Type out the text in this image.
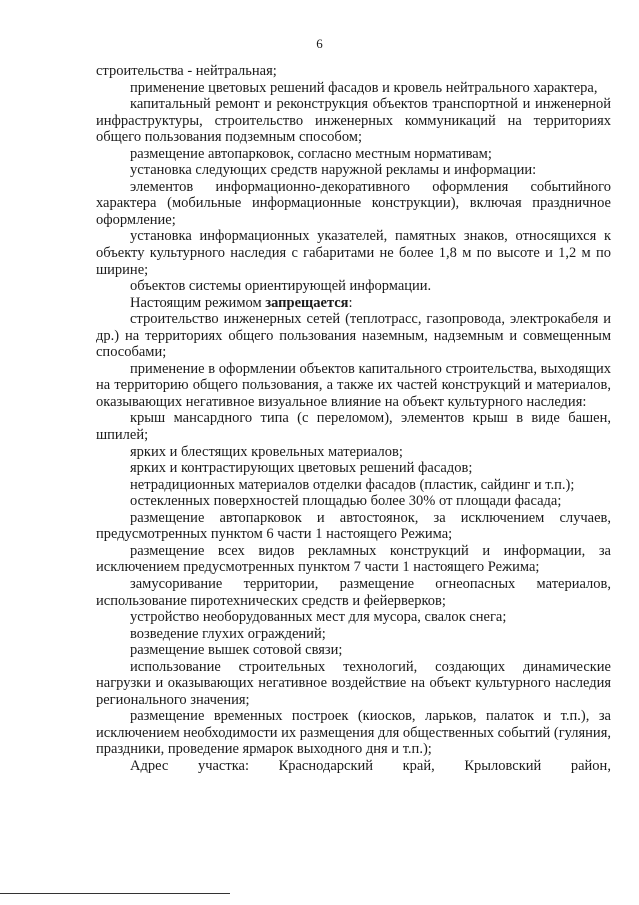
6

строительства - нейтральная;

применение цветовых решений фасадов и кровель нейтрального характера,

капитальный ремонт и реконструкция объектов транспортной и инженерной инфраструктуры, строительство инженерных коммуникаций на территориях общего пользования подземным способом;

размещение автопарковок, согласно местным нормативам;

установка следующих средств наружной рекламы и информации:

элементов информационно-декоративного оформления событийного характера (мобильные информационные конструкции), включая праздничное оформление;

установка информационных указателей, памятных знаков, относящихся к объекту культурного наследия с габаритами не более 1,8 м по высоте и 1,2 м по ширине;

объектов системы ориентирующей информации.

Настоящим режимом запрещается:

строительство инженерных сетей (теплотрасс, газопровода, электрокабеля и др.) на территориях общего пользования наземным, надземным и совмещенным способами;

применение в оформлении объектов капитального строительства, выходящих на территорию общего пользования, а также их частей конструкций и материалов, оказывающих негативное визуальное влияние на объект культурного наследия:

крыш мансардного типа (с переломом), элементов крыш в виде башен, шпилей;

ярких и блестящих кровельных материалов;

ярких и контрастирующих цветовых решений фасадов;

нетрадиционных материалов отделки фасадов (пластик, сайдинг и т.п.);

остекленных поверхностей площадью более 30% от площади фасада;

размещение автопарковок и автостоянок, за исключением случаев, предусмотренных пунктом 6 части 1 настоящего Режима;

размещение всех видов рекламных конструкций и информации, за исключением предусмотренных пунктом 7 части 1 настоящего Режима;

замусоривание территории, размещение огнеопасных материалов, использование пиротехнических средств и фейерверков;

устройство необорудованных мест для мусора, свалок снега;

возведение глухих ограждений;

размещение вышек сотовой связи;

использование строительных технологий, создающих динамические нагрузки и оказывающих негативное воздействие на объект культурного наследия регионального значения;

размещение временных построек (киосков, ларьков, палаток и т.п.), за исключением необходимости их размещения для общественных событий (гуляния, праздники, проведение ярмарок выходного дня и т.п.);

Адрес участка: Краснодарский край, Крыловский район,
